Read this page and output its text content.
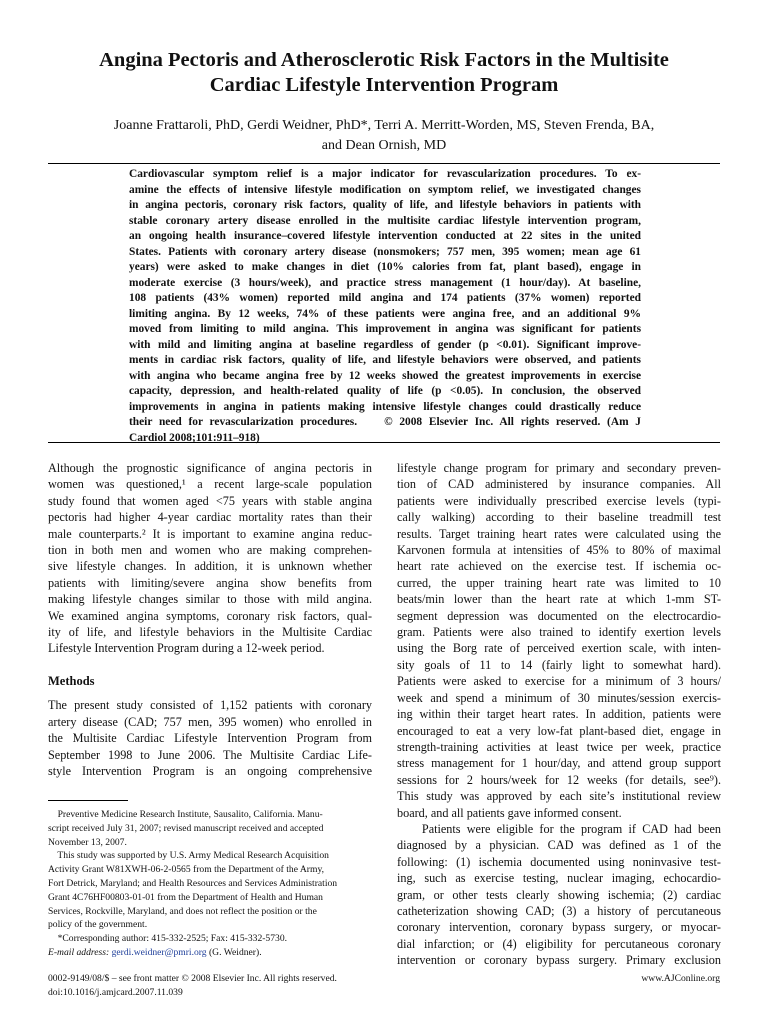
Angina Pectoris and Atherosclerotic Risk Factors in the Multisite
Cardiac Lifestyle Intervention Program
Joanne Frattaroli, PhD, Gerdi Weidner, PhD*, Terri A. Merritt-Worden, MS, Steven Frenda, BA,
and Dean Ornish, MD
Cardiovascular symptom relief is a major indicator for revascularization procedures. To ex-
amine the effects of intensive lifestyle modification on symptom relief, we investigated changes
in angina pectoris, coronary risk factors, quality of life, and lifestyle behaviors in patients with
stable coronary artery disease enrolled in the multisite cardiac lifestyle intervention program,
an ongoing health insurance–covered lifestyle intervention conducted at 22 sites in the united
States. Patients with coronary artery disease (nonsmokers; 757 men, 395 women; mean age 61
years) were asked to make changes in diet (10% calories from fat, plant based), engage in
moderate exercise (3 hours/week), and practice stress management (1 hour/day). At baseline,
108 patients (43% women) reported mild angina and 174 patients (37% women) reported
limiting angina. By 12 weeks, 74% of these patients were angina free, and an additional 9%
moved from limiting to mild angina. This improvement in angina was significant for patients
with mild and limiting angina at baseline regardless of gender (p <0.01). Significant improve-
ments in cardiac risk factors, quality of life, and lifestyle behaviors were observed, and patients
with angina who became angina free by 12 weeks showed the greatest improvements in exercise
capacity, depression, and health-related quality of life (p <0.05). In conclusion, the observed
improvements in angina in patients making intensive lifestyle changes could drastically reduce
their need for revascularization procedures.    © 2008 Elsevier Inc. All rights reserved. (Am J
Cardiol 2008;101:911–918)
Although the prognostic significance of angina pectoris in
women was questioned,¹ a recent large-scale population
study found that women aged <75 years with stable angina
pectoris had higher 4-year cardiac mortality rates than their
male counterparts.² It is important to examine angina reduc-
tion in both men and women who are making comprehen-
sive lifestyle changes. In addition, it is unknown whether
patients with limiting/severe angina show benefits from
making lifestyle changes similar to those with mild angina.
We examined angina symptoms, coronary risk factors, qual-
ity of life, and lifestyle behaviors in the Multisite Cardiac
Lifestyle Intervention Program during a 12-week period.
Methods
The present study consisted of 1,152 patients with coronary
artery disease (CAD; 757 men, 395 women) who enrolled in
the Multisite Cardiac Lifestyle Intervention Program from
September 1998 to June 2006. The Multisite Cardiac Life-
style Intervention Program is an ongoing comprehensive
Preventive Medicine Research Institute, Sausalito, California. Manu-
script received July 31, 2007; revised manuscript received and accepted
November 13, 2007.
This study was supported by U.S. Army Medical Research Acquisition
Activity Grant W81XWH-06-2-0565 from the Department of the Army,
Fort Detrick, Maryland; and Health Resources and Services Administration
Grant 4C76HF00803-01-01 from the Department of Health and Human
Services, Rockville, Maryland, and does not reflect the position or the
policy of the government.
*Corresponding author: 415-332-2525; Fax: 415-332-5730.
E-mail address: gerdi.weidner@pmri.org (G. Weidner).
lifestyle change program for primary and secondary preven-
tion of CAD administered by insurance companies. All
patients were individually prescribed exercise levels (typi-
cally walking) according to their baseline treadmill test
results. Target training heart rates were calculated using the
Karvonen formula at intensities of 45% to 80% of maximal
heart rate achieved on the exercise test. If ischemia oc-
curred, the upper training heart rate was limited to 10
beats/min lower than the heart rate at which 1-mm ST-
segment depression was documented on the electrocardio-
gram. Patients were also trained to identify exertion levels
using the Borg rate of perceived exertion scale, with inten-
sity goals of 11 to 14 (fairly light to somewhat hard).
Patients were asked to exercise for a minimum of 3 hours/
week and spend a minimum of 30 minutes/session exercis-
ing within their target heart rates. In addition, patients were
encouraged to eat a very low-fat plant-based diet, engage in
strength-training activities at least twice per week, practice
stress management for 1 hour/day, and attend group support
sessions for 2 hours/week for 12 weeks (for details, see⁹).
This study was approved by each site’s institutional review
board, and all patients gave informed consent.
Patients were eligible for the program if CAD had been
diagnosed by a physician. CAD was defined as 1 of the
following: (1) ischemia documented using noninvasive test-
ing, such as exercise testing, nuclear imaging, echocardio-
gram, or other tests clearly showing ischemia; (2) cardiac
catheterization showing CAD; (3) a history of percutaneous
coronary intervention, coronary bypass surgery, or myocar-
dial infarction; or (4) eligibility for percutaneous coronary
intervention or coronary bypass surgery. Primary exclusion
0002-9149/08/$ – see front matter © 2008 Elsevier Inc. All rights reserved.
doi:10.1016/j.amjcard.2007.11.039
www.AJConline.org
